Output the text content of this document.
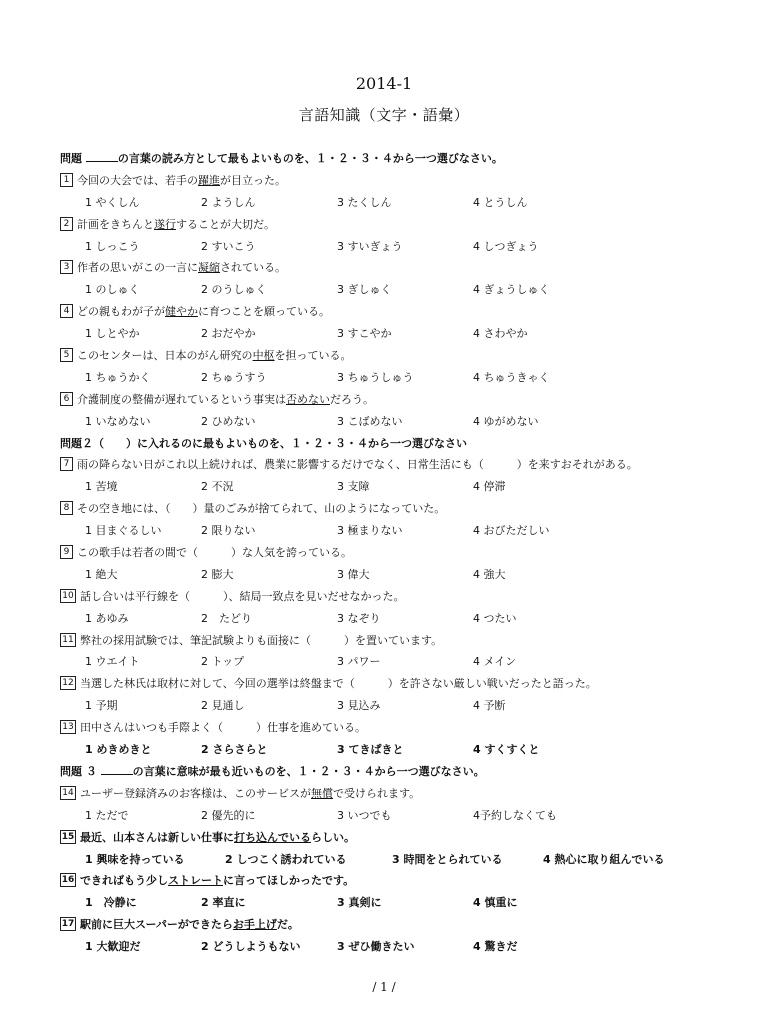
2014-1
言語知識（文字・語彙）
問題	の言葉の読み方として最もよいものを、１・２・３・４から一つ選びなさい。
1 今回の大会では、若手の躍進が目立った。
1 やくしん	2 ようしん	3 たくしん	4 とうしん
2 計画をきちんと遂行することが大切だ。
1 しっこう	2 すいこう	3 すいぎょう	4 しつぎょう
3 作者の思いがこの一言に凝縮されている。
1 のしゅく	2 のうしゅく	3 ぎしゅく	4 ぎょうしゅく
4 どの親もわが子が健やかに育つことを願っている。
1 しとやか	2 おだやか	3 すこやか	4 さわやか
5 このセンターは、日本のがん研究の中枢を担っている。
1 ちゅうかく	2 ちゅうすう	3 ちゅうしゅう	4 ちゅうきゃく
6 介護制度の整備が遅れているという事実は否めないだろう。
1 いなめない	2 ひめない	3 こばめない	4 ゆがめない
問題２（　　）に入れるのに最もよいものを、１・２・３・４から一つ選びなさい
7 雨の降らない日がこれ以上続ければ、農業に影響するだけでなく、日常生活にも（　　　）を来すおそれがある。
1 苦境	2 不況	3 支障	4 停滞
8 その空き地には、（　　）量のごみが捨てられて、山のようになっていた。
1 目まぐるしい	2 限りない	3 極まりない	4 おびただしい
9 この歌手は若者の間で（　　　）な人気を誇っている。
1 絶大	2 膨大	3 偉大	4 強大
10 話し合いは平行線を（　　　）、結局一致点を見いだせなかった。
1 あゆみ	2　たどり	3 なぞり	4 つたい
11 弊社の採用試験では、筆記試験よりも面接に（　　　）を置いています。
1 ウエイト	2 トップ	3 パワー	4 メイン
12 当選した林氏は取材に対して、今回の選挙は終盤まで（　　　）を許さない厳しい戦いだったと語った。
1 予期	2 見通し	3 見込み	4 予断
13 田中さんはいつも手際よく（　　　）仕事を進めている。
1 めきめきと	2 さらさらと	3 てきぱきと	4 すくすくと
問題 ３	の言葉に意味が最も近いものを、１・２・３・４から一つ選びなさい。
14 ユーザー登録済みのお客様は、このサービスが無償で受けられます。
1 ただで	2 優先的に	3 いつでも	4予約しなくても
15 最近、山本さんは新しい仕事に打ち込んでいるらしい。
1 興味を持っている	2 しつこく誘われている	3 時間をとられている	4 熱心に取り組んでいる
16 できればもう少しストレートに言ってほしかったです。
1　冷静に	2 率直に	3 真剣に	4 慎重に
17 駅前に巨大スーパーができたらお手上げだ。
1 大歓迎だ	2 どうしようもない	3 ぜひ働きたい	4 驚きだ
/ 1 /
